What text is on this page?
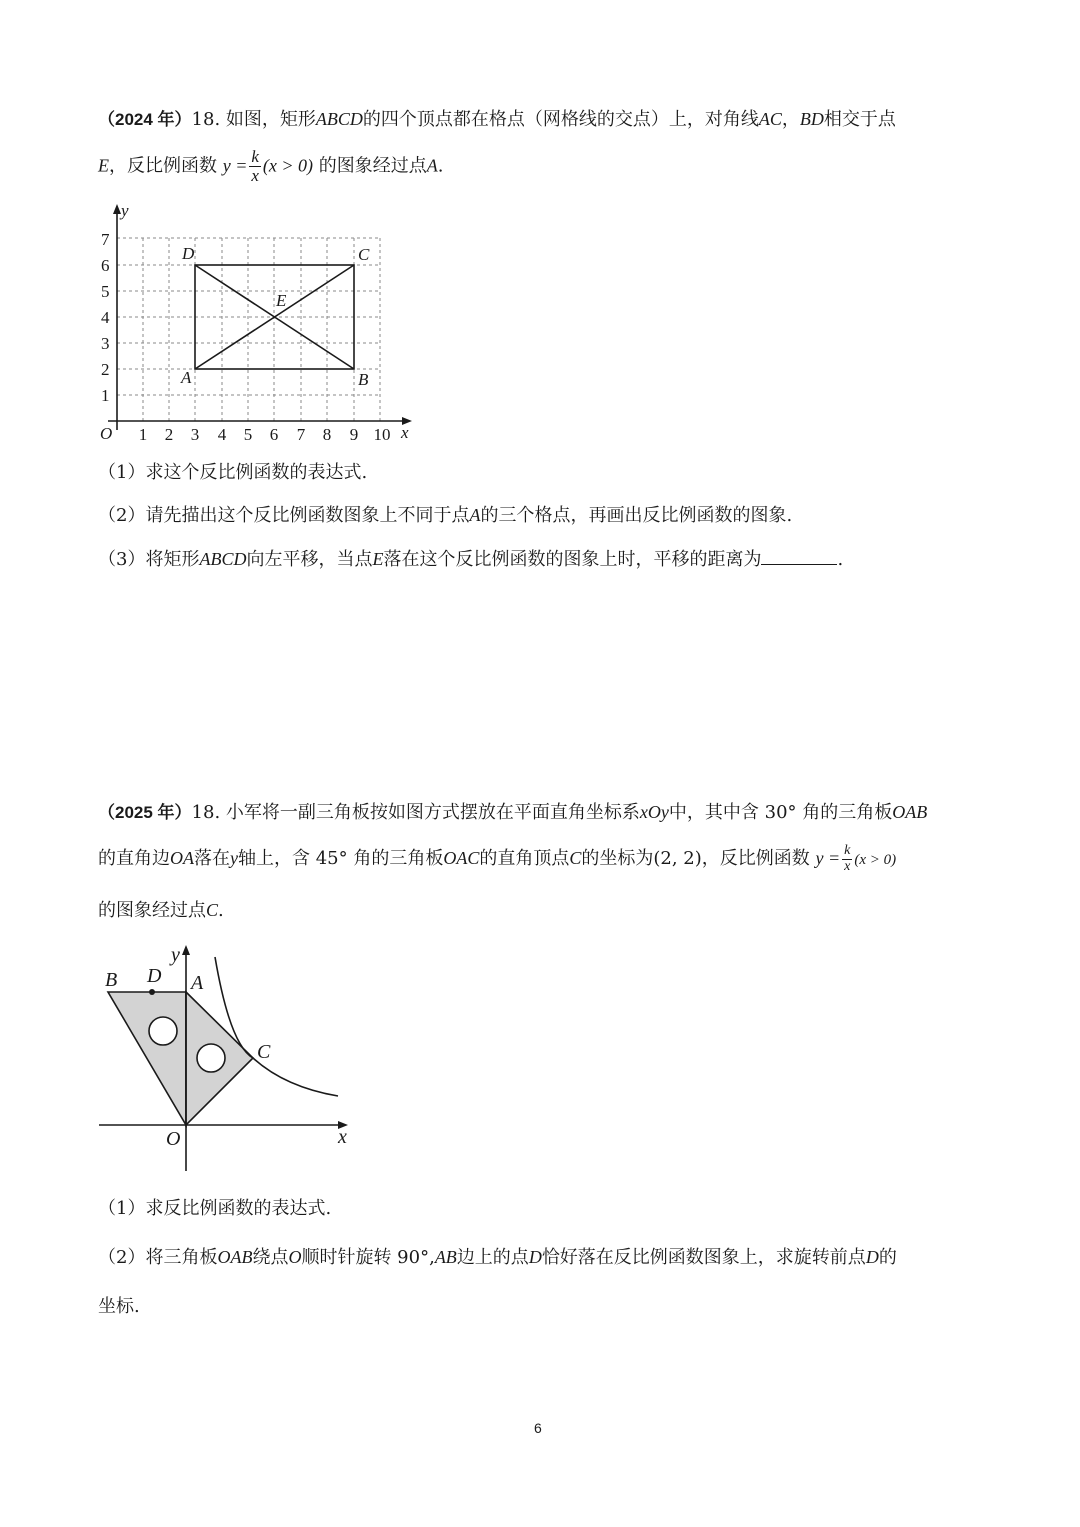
（2024 年）18. 如图，矩形ABCD的四个顶点都在格点（网格线的交点）上，对角线AC，BD相交于点
E，反比例函数 $y = \frac{k}{x} (x > 0)$ 的图象经过点A.
1
2
3
4
5
6
7
1 2 3 4 5 6 7 8 9 10
y
x
O
A	B
C
D
E
（1）求这个反比例函数的表达式.
（2）请先描出这个反比例函数图象上不同于点A的三个格点，再画出反比例函数的图象.
（3）将矩形ABCD向左平移，当点E落在这个反比例函数的图象上时，平移的距离为	.
（2025 年）18. 小军将一副三角板按如图方式摆放在平面直角坐标系xOy中，其中含 30° 角的三角板OAB
的直角边OA落在y轴上，含 45° 角的三角板OAC的直角顶点C的坐标为(2, 2)，反比例函数 $y = \frac{k}{x} (x > 0)$
的图象经过点C.
y
x
O
A
B
C
D
（1）求反比例函数的表达式.
（2）将三角板OAB绕点O顺时针旋转 90°,AB边上的点D恰好落在反比例函数图象上，求旋转前点D的
坐标.
6
